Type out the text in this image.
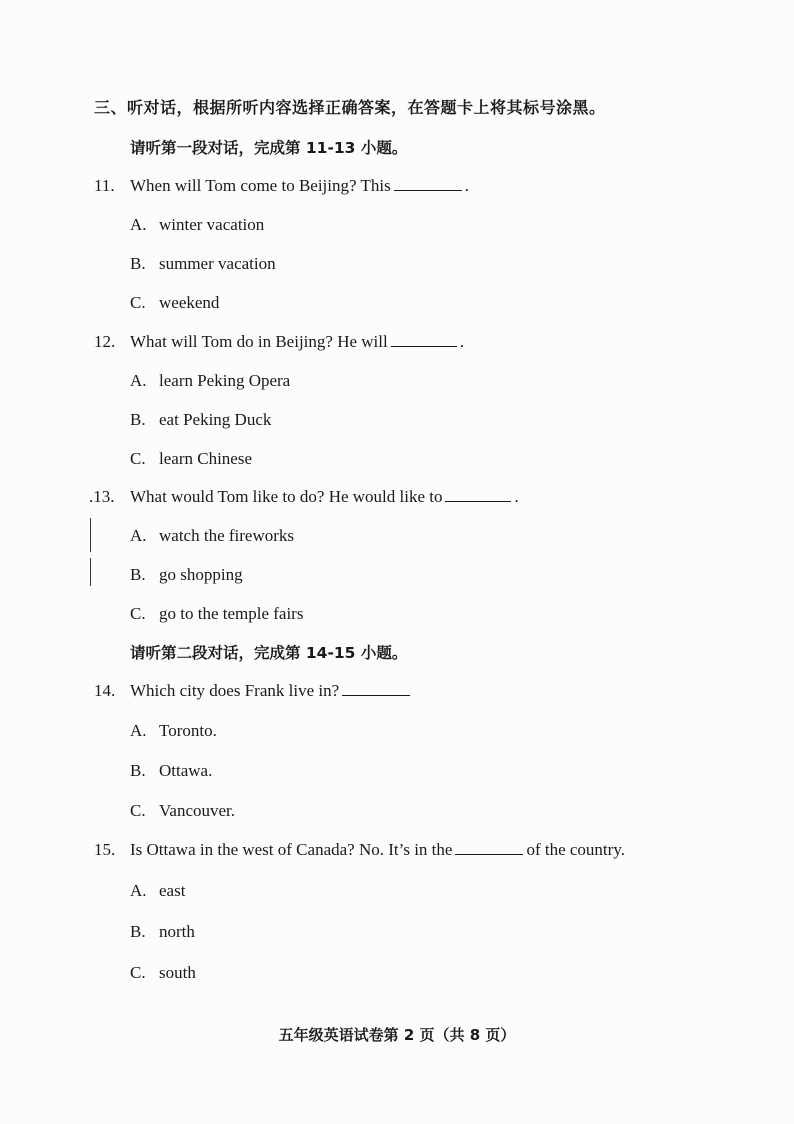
三、听对话，根据所听内容选择正确答案，在答题卡上将其标号涂黑。
请听第一段对话，完成第 11-13 小题。
11. When will Tom come to Beijing? This	.
A. winter vacation
B. summer vacation
C. weekend
12. What will Tom do in Beijing? He will	.
A. learn Peking Opera
B. eat Peking Duck
C. learn Chinese
.13. What would Tom like to do? He would like to	.
A. watch the fireworks
B. go shopping
C. go to the temple fairs
请听第二段对话，完成第 14-15 小题。
14. Which city does Frank live in?
A. Toronto.
B. Ottawa.
C. Vancouver.
15. Is Ottawa in the west of Canada? No. It’s in the	of the country.
A. east
B. north
C. south
五年级英语试卷第 2 页（共 8 页）
